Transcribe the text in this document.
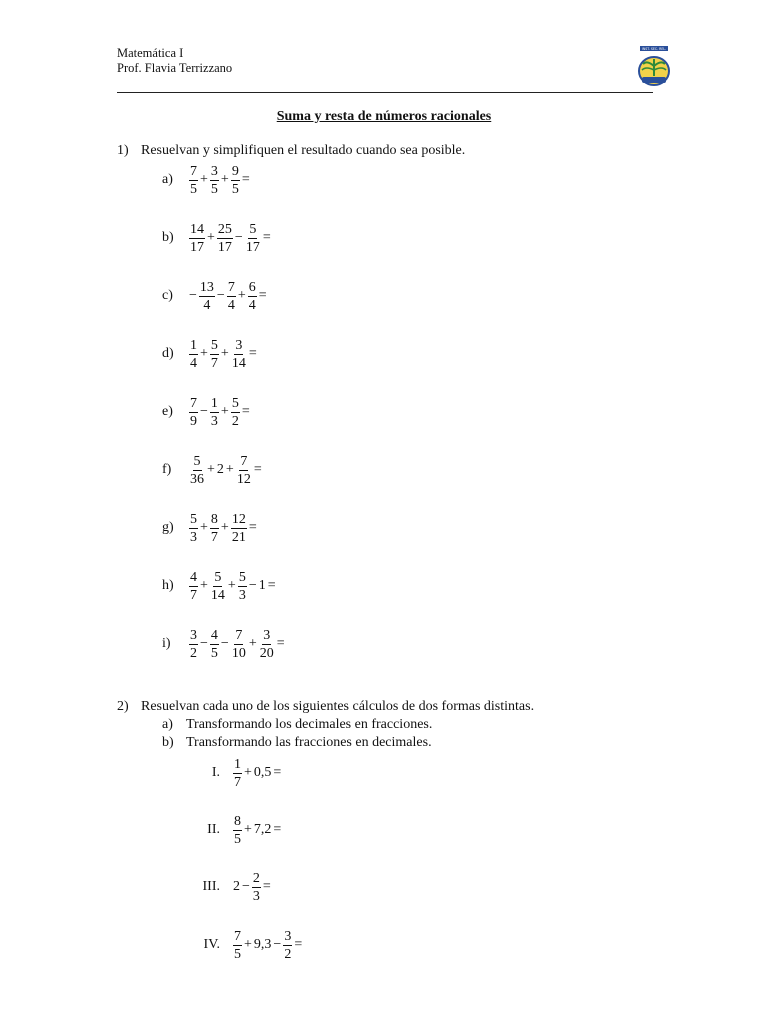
Matemática I
Prof. Flavia Terrizzano
INST. SEC. REL.
Suma y resta de números racionales
1) Resuelvan y simplifiquen el resultado cuando sea posible.
a)	$\frac{7}{5} + \frac{3}{5} + \frac{9}{5}$ =
b)	$\frac{14}{17} + \frac{25}{17} - \frac{5}{17}$ =
c)	− $\frac{13}{4} - \frac{7}{4} + \frac{6}{4}$ =
d)	$\frac{1}{4} + \frac{5}{7} + \frac{3}{14}$ =
e)	$\frac{7}{9} - \frac{1}{3} + \frac{5}{2}$ =
f)	$\frac{5}{36} + 2 + \frac{7}{12}$ =
g)	$\frac{5}{3} + \frac{8}{7} + \frac{12}{21}$ =
h)	$\frac{4}{7} + \frac{5}{14} + \frac{5}{3} - 1$ =
i)	$\frac{3}{2} - \frac{4}{5} - \frac{7}{10} + \frac{3}{20}$ =
2) Resuelvan cada uno de los siguientes cálculos de dos formas distintas.
a) Transformando los decimales en fracciones.
b) Transformando las fracciones en decimales.
I. $\frac{1}{7} + 0,5$ =
II. $\frac{8}{5} + 7,2$ =
III. $2 - \frac{2}{3}$ =
IV. $\frac{7}{5} + 9,3 - \frac{3}{2}$ =
